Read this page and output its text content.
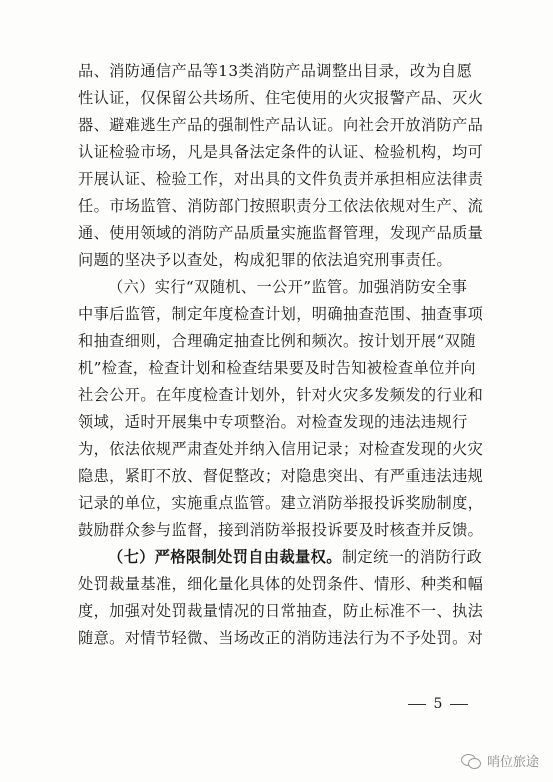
品、消防通信产品等13类消防产品调整出目录，改为自愿
性认证，仅保留公共场所、住宅使用的火灾报警产品、灭火
器、避难逃生产品的强制性产品认证。向社会开放消防产品
认证检验市场，凡是具备法定条件的认证、检验机构，均可
开展认证、检验工作，对出具的文件负责并承担相应法律责
任。市场监管、消防部门按照职责分工依法依规对生产、流
通、使用领域的消防产品质量实施监督管理，发现产品质量
问题的坚决予以查处，构成犯罪的依法追究刑事责任。
（六）实行“双随机、一公开”监管。加强消防安全事
中事后监管，制定年度检查计划，明确抽查范围、抽查事项
和抽查细则，合理确定抽查比例和频次。按计划开展“双随
机”检查，检查计划和检查结果要及时告知被检查单位并向
社会公开。在年度检查计划外，针对火灾多发频发的行业和
领域，适时开展集中专项整治。对检查发现的违法违规行
为，依法依规严肃查处并纳入信用记录；对检查发现的火灾
隐患，紧盯不放、督促整改；对隐患突出、有严重违法违规
记录的单位，实施重点监管。建立消防举报投诉奖励制度，
鼓励群众参与监督，接到消防举报投诉要及时核查并反馈。
（七）严格限制处罚自由裁量权。制定统一的消防行政
处罚裁量基准，细化量化具体的处罚条件、情形、种类和幅
度，加强对处罚裁量情况的日常抽查，防止标准不一、执法
随意。对情节轻微、当场改正的消防违法行为不予处罚。对
5
哨位旅途
